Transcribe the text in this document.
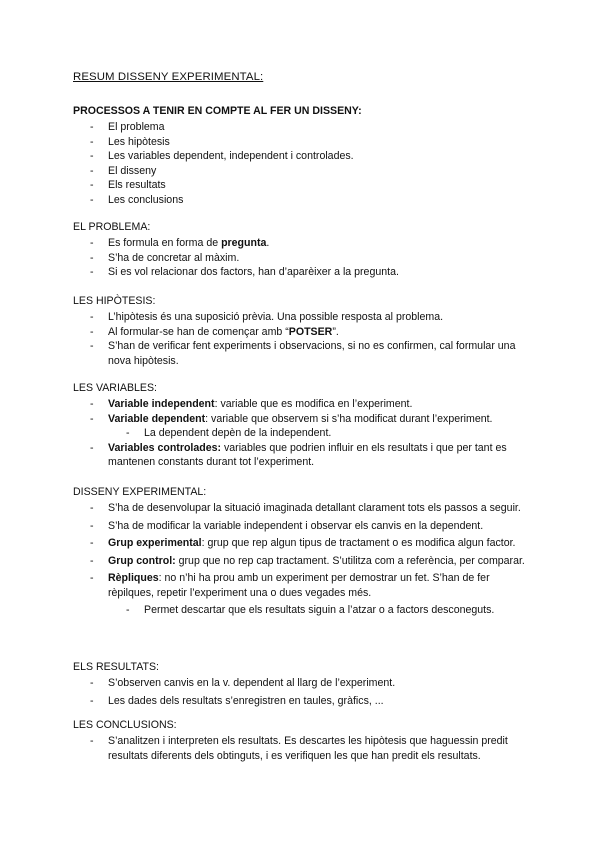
RESUM DISSENY EXPERIMENTAL:
PROCESSOS A TENIR EN COMPTE AL FER UN DISSENY:
- El problema
- Les hipòtesis
- Les variables dependent, independent i controlades.
- El disseny
- Els resultats
- Les conclusions
EL PROBLEMA:
- Es formula en forma de pregunta.
- S’ha de concretar al màxim.
- Si es vol relacionar dos factors, han d’aparèixer a la pregunta.
LES HIPÒTESIS:
- L’hipòtesis és una suposició prèvia. Una possible resposta al problema.
- Al formular-se han de començar amb “POTSER”.
- S’han de verificar fent experiments i observacions, si no es confirmen, cal formular una nova hipòtesis.
LES VARIABLES:
- Variable independent: variable que es modifica en l’experiment.
- Variable dependent: variable que observem si s’ha modificat durant l’experiment.
- La dependent depèn de la independent.
- Variables controlades: variables que podrien influir en els resultats i que per tant es mantenen constants durant tot l’experiment.
DISSENY EXPERIMENTAL:
- S’ha de desenvolupar la situació imaginada detallant clarament tots els passos a seguir.
- S’ha de modificar la variable independent i observar els canvis en la dependent.
- Grup experimental: grup que rep algun tipus de tractament o es modifica algun factor.
- Grup control: grup que no rep cap tractament. S’utilitza com a referència, per comparar.
- Rèpliques: no n’hi ha prou amb un experiment per demostrar un fet. S’han de fer rèpilques, repetir l’experiment una o dues vegades més.
- Permet descartar que els resultats siguin a l’atzar o a factors desconeguts.
ELS RESULTATS:
- S’observen canvis en la v. dependent al llarg de l’experiment.
- Les dades dels resultats s’enregistren en taules, gràfics, ...
LES CONCLUSIONS:
- S’analitzen i interpreten els resultats. Es descartes les hipòtesis que haguessin predit resultats diferents dels obtinguts, i es verifiquen les que han predit els resultats.
